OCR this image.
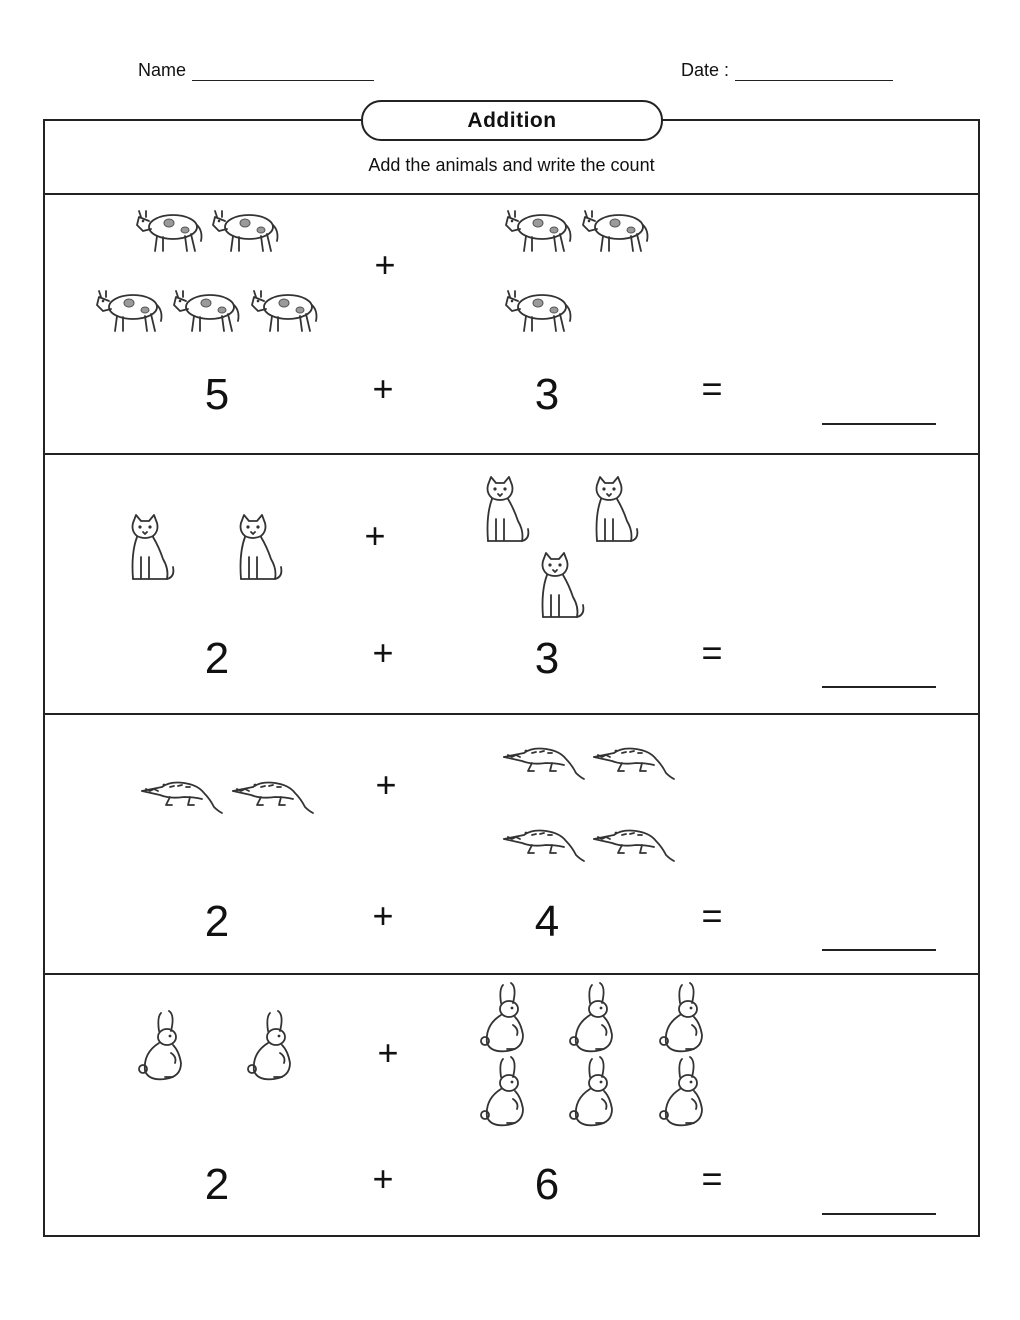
Name	Date :
Addition
Add the animals and write the count
+
5	+	3	=
+
2	+	3	=
+
2	+	4	=
+
2	+	6	=
